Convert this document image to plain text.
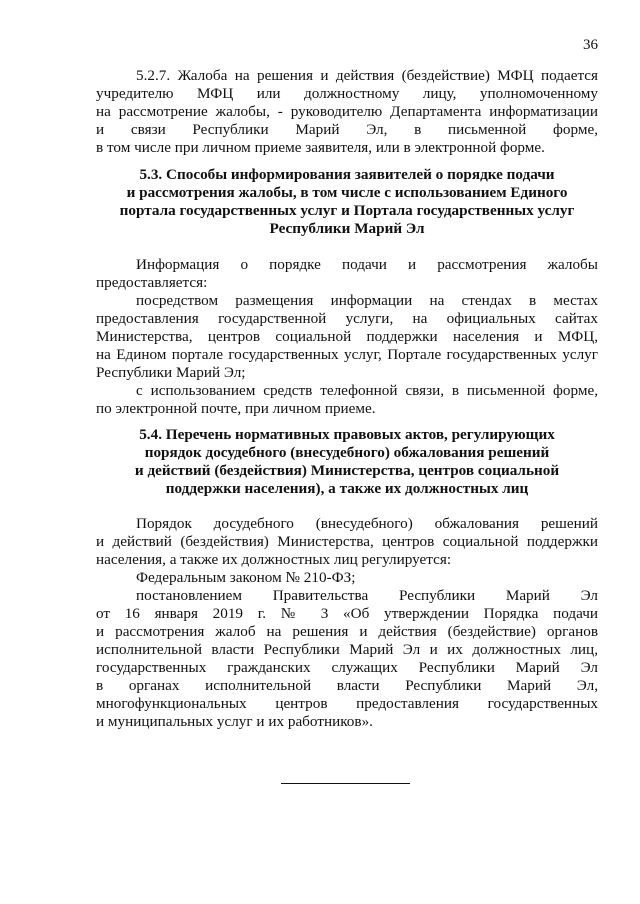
36
5.2.7. Жалоба на решения и действия (бездействие) МФЦ подается
учредителю МФЦ или должностному лицу, уполномоченному
на рассмотрение жалобы, - руководителю Департамента информатизации
и связи Республики Марий Эл, в письменной форме,
в том числе при личном приеме заявителя, или в электронной форме.
5.3. Способы информирования заявителей о порядке подачи
и рассмотрения жалобы, в том числе с использованием Единого
портала государственных услуг и Портала государственных услуг
Республики Марий Эл
Информация о порядке подачи и рассмотрения жалобы
предоставляется:
посредством размещения информации на стендах в местах
предоставления государственной услуги, на официальных сайтах
Министерства, центров социальной поддержки населения и МФЦ,
на Едином портале государственных услуг, Портале государственных услуг
Республики Марий Эл;
с использованием средств телефонной связи, в письменной форме,
по электронной почте, при личном приеме.
5.4. Перечень нормативных правовых актов, регулирующих
порядок досудебного (внесудебного) обжалования решений
и действий (бездействия) Министерства, центров социальной
поддержки населения), а также их должностных лиц
Порядок досудебного (внесудебного) обжалования решений
и действий (бездействия) Министерства, центров социальной поддержки
населения, а также их должностных лиц регулируется:
Федеральным законом № 210-ФЗ;
постановлением Правительства Республики Марий Эл
от 16 января 2019 г. № 3 «Об утверждении Порядка подачи
и рассмотрения жалоб на решения и действия (бездействие) органов
исполнительной власти Республики Марий Эл и их должностных лиц,
государственных гражданских служащих Республики Марий Эл
в органах исполнительной власти Республики Марий Эл,
многофункциональных центров предоставления государственных
и муниципальных услуг и их работников».
